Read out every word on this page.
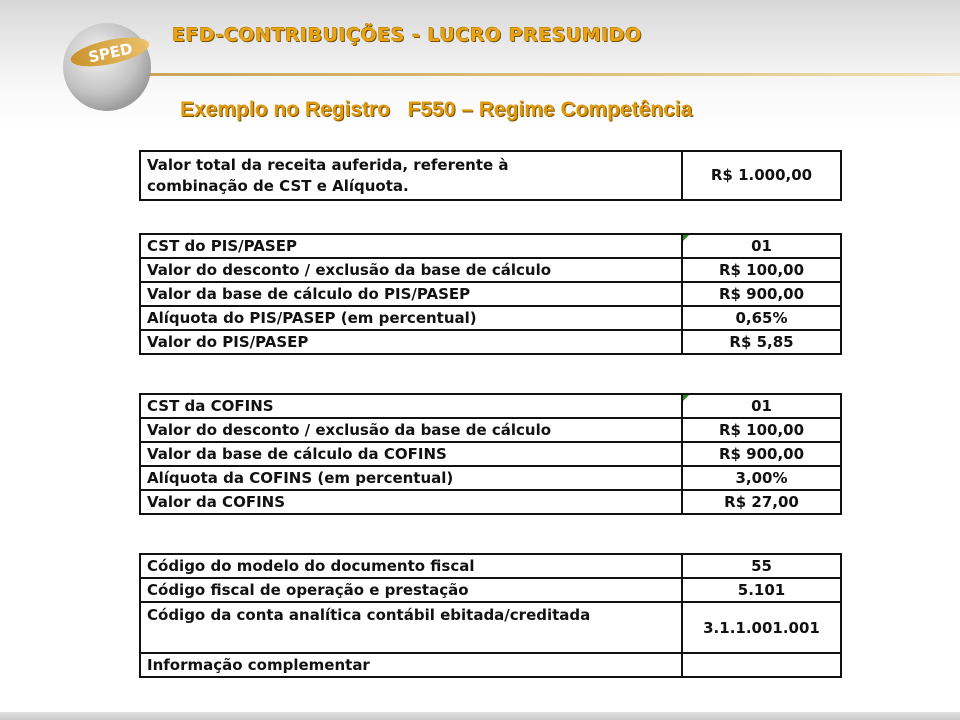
SPED
EFD-CONTRIBUIÇÕES - LUCRO PRESUMIDO
Exemplo no Registro   F550 – Regime Competência
Valor total da receita auferida, referente à
combinação de CST e Alíquota.	R$ 1.000,00
CST do PIS/PASEP	01
Valor do desconto / exclusão da base de cálculo	R$ 100,00
Valor da base de cálculo do PIS/PASEP	R$ 900,00
Alíquota do PIS/PASEP (em percentual)	0,65%
Valor do PIS/PASEP	R$ 5,85
CST da COFINS	01
Valor do desconto / exclusão da base de cálculo	R$ 100,00
Valor da base de cálculo da COFINS	R$ 900,00
Alíquota da COFINS (em percentual)	3,00%
Valor da COFINS	R$ 27,00
Código do modelo do documento fiscal	55
Código fiscal de operação e prestação	5.101
Código da conta analítica contábil ebitada/creditada	3.1.1.001.001
Informação complementar	
